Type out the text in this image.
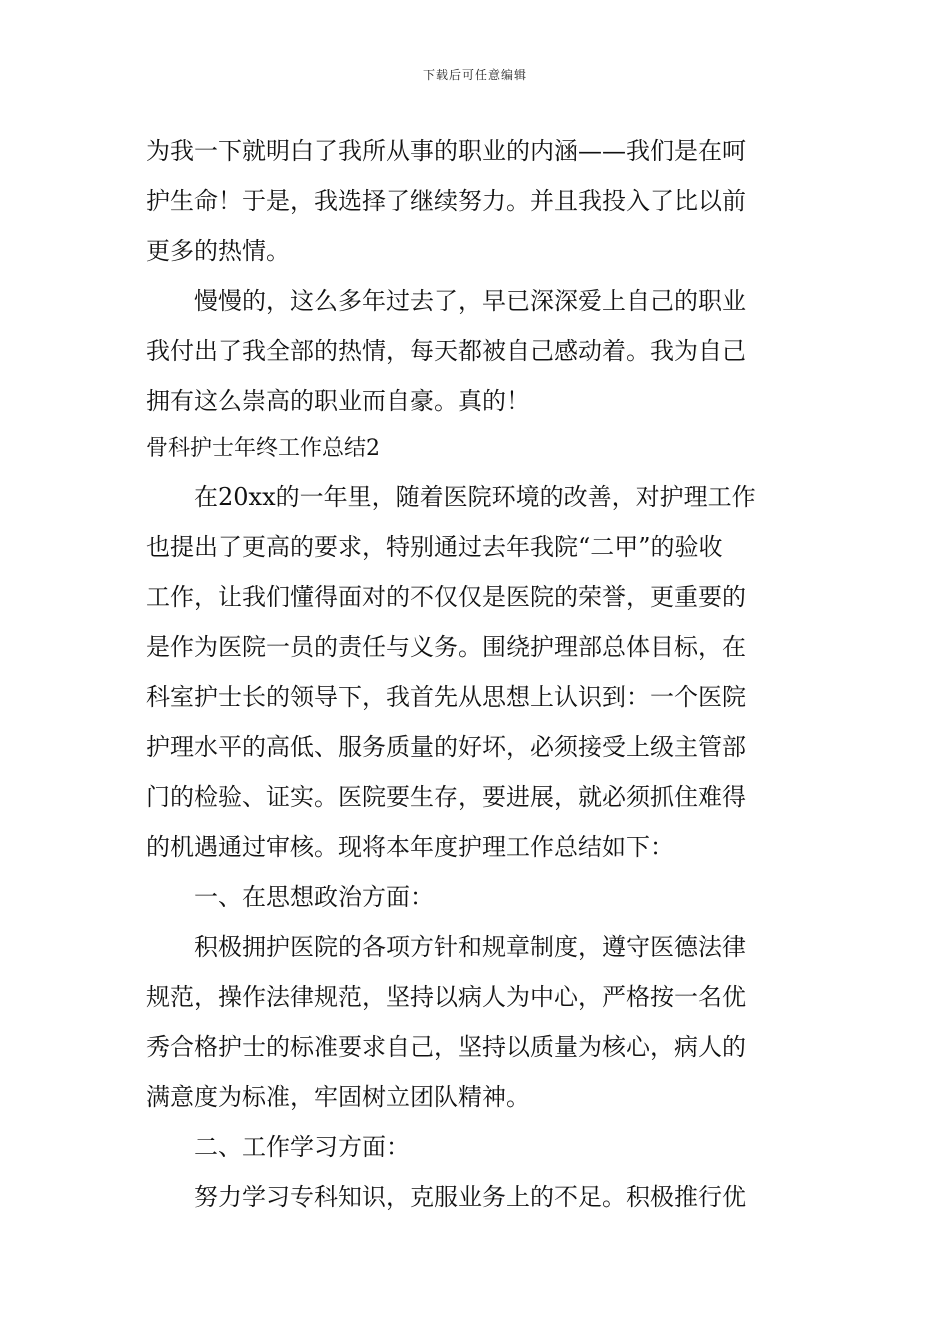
下载后可任意编辑
为我一下就明白了我所从事的职业的内涵——我们是在呵
护生命！于是，我选择了继续努力。并且我投入了比以前
更多的热情。
慢慢的，这么多年过去了，早已深深爱上自己的职业
我付出了我全部的热情，每天都被自己感动着。我为自己
拥有这么崇高的职业而自豪。真的！
骨科护士年终工作总结2
在20xx的一年里，随着医院环境的改善，对护理工作
也提出了更高的要求，特别通过去年我院“二甲”的验收
工作，让我们懂得面对的不仅仅是医院的荣誉，更重要的
是作为医院一员的责任与义务。围绕护理部总体目标，在
科室护士长的领导下，我首先从思想上认识到：一个医院
护理水平的高低、服务质量的好坏，必须接受上级主管部
门的检验、证实。医院要生存，要进展，就必须抓住难得
的机遇通过审核。现将本年度护理工作总结如下：
一、在思想政治方面：
积极拥护医院的各项方针和规章制度，遵守医德法律
规范，操作法律规范，坚持以病人为中心，严格按一名优
秀合格护士的标准要求自己，坚持以质量为核心，病人的
满意度为标准，牢固树立团队精神。
二、工作学习方面：
努力学习专科知识，克服业务上的不足。积极推行优
